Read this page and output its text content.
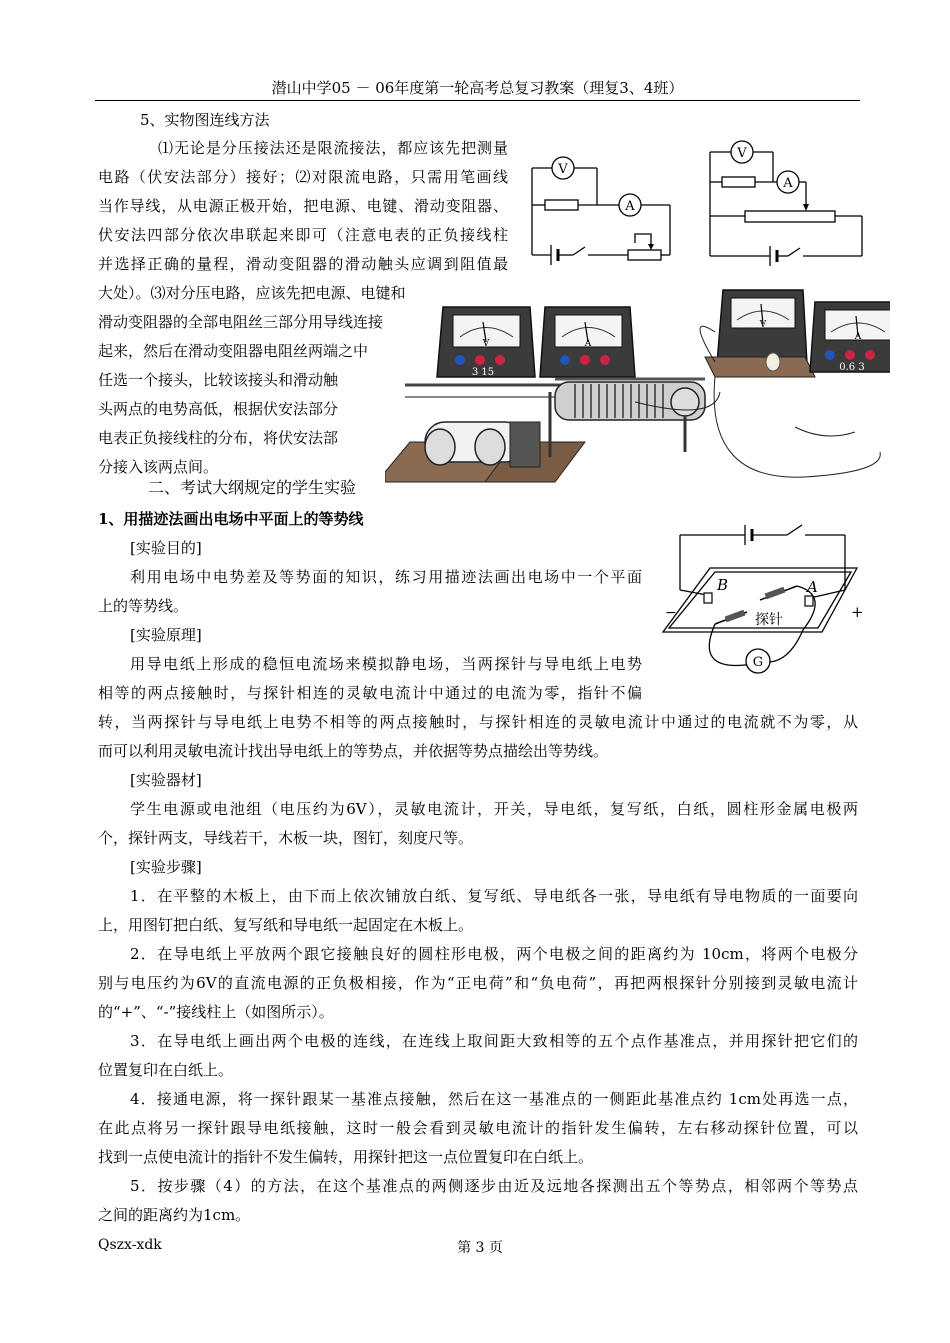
潜山中学05 － 06年度第一轮高考总复习教案（理复3、4班）
5、实物图连线方法
⑴无论是分压接法还是限流接法，都应该先把测量
电路（伏安法部分）接好；⑵对限流电路，只需用笔画线
当作导线，从电源正极开始，把电源、电键、滑动变阻器、
伏安法四部分依次串联起来即可（注意电表的正负接线柱
并选择正确的量程，滑动变阻器的滑动触头应调到阻值最
大处）。⑶对分压电路，应该先把电源、电键和
滑动变阻器的全部电阻丝三部分用导线连接
起来，然后在滑动变阻器电阻丝两端之中
任选一个接头，比较该接头和滑动触
头两点的电势高低，根据伏安法部分
电表正负接线柱的分布，将伏安法部
分接入该两点间。
V
A
V
A
V
3 15
A
V
A
0.6 3
二、考试大纲规定的学生实验
1、用描迹法画出电场中平面上的等势线
[实验目的]
利用电场中电势差及等势面的知识，练习用描迹法画出电场中一个平面
上的等势线。
[实验原理]
用导电纸上形成的稳恒电流场来模拟静电场，当两探针与导电纸上电势
相等的两点接触时，与探针相连的灵敏电流计中通过的电流为零，指针不偏
转，当两探针与导电纸上电势不相等的两点接触时，与探针相连的灵敏电流计中通过的电流就不为零，从
而可以利用灵敏电流计找出导电纸上的等势点，并依据等势点描绘出等势线。
B	A
探针
−	+
G
[实验器材]
学生电源或电池组（电压约为6V），灵敏电流计，开关，导电纸，复写纸，白纸，圆柱形金属电极两
个，探针两支，导线若干，木板一块，图钉，刻度尺等。
[实验步骤]
1．在平整的木板上，由下而上依次铺放白纸、复写纸、导电纸各一张，导电纸有导电物质的一面要向
上，用图钉把白纸、复写纸和导电纸一起固定在木板上。
2．在导电纸上平放两个跟它接触良好的圆柱形电极，两个电极之间的距离约为 10cm，将两个电极分
别与电压约为6V的直流电源的正负极相接，作为“正电荷”和“负电荷”，再把两根探针分别接到灵敏电流计
的“+”、“-”接线柱上（如图所示）。
3．在导电纸上画出两个电极的连线，在连线上取间距大致相等的五个点作基准点，并用探针把它们的
位置复印在白纸上。
4．接通电源，将一探针跟某一基准点接触，然后在这一基准点的一侧距此基准点约 1cm处再选一点，
在此点将另一探针跟导电纸接触，这时一般会看到灵敏电流计的指针发生偏转，左右移动探针位置，可以
找到一点使电流计的指针不发生偏转，用探针把这一点位置复印在白纸上。
5．按步骤（4）的方法，在这个基准点的两侧逐步由近及远地各探测出五个等势点，相邻两个等势点
之间的距离约为1cm。
Qszx-xdk	第 3 页
